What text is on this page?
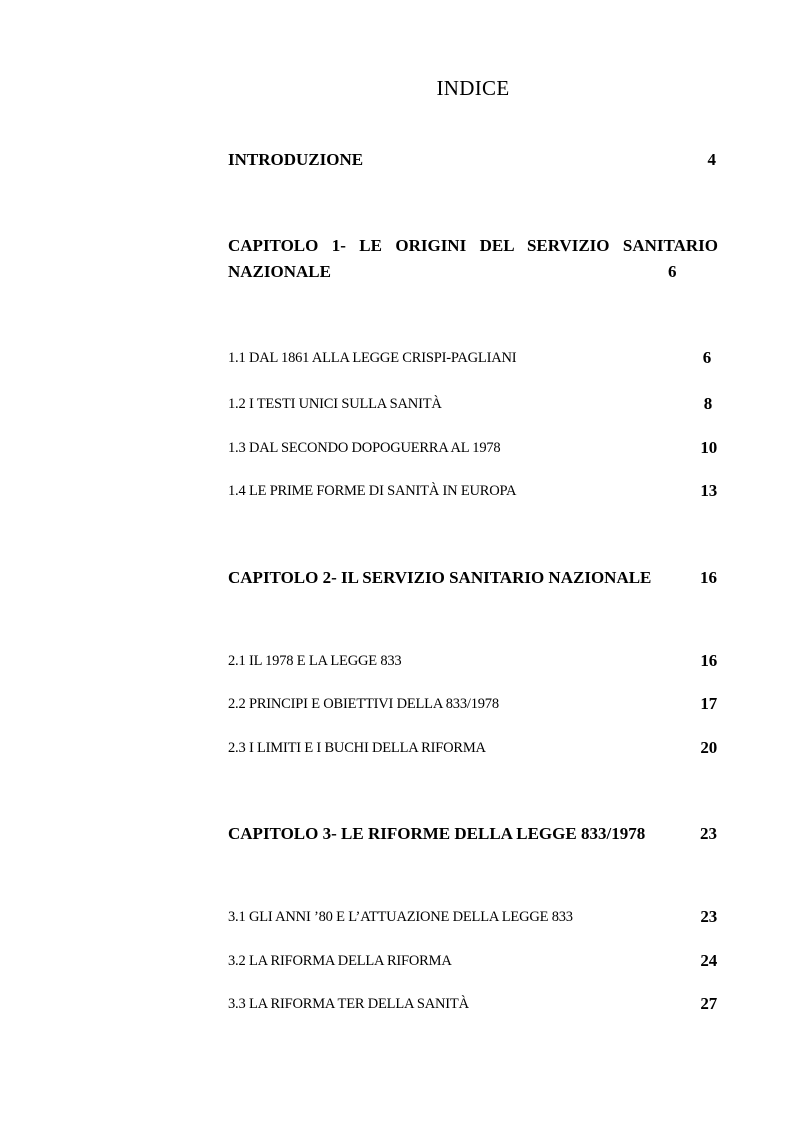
INDICE
INTRODUZIONE	4
CAPITOLO 1- LE ORIGINI DEL SERVIZIO SANITARIO
NAZIONALE	6
1.1 DAL 1861 ALLA LEGGE CRISPI-PAGLIANI	6
1.2 I TESTI UNICI SULLA SANITÀ	8
1.3 DAL SECONDO DOPOGUERRA AL 1978	10
1.4 LE PRIME FORME DI SANITÀ IN EUROPA	13
CAPITOLO 2- IL SERVIZIO SANITARIO NAZIONALE	16
2.1 IL 1978 E LA LEGGE 833	16
2.2 PRINCIPI E OBIETTIVI DELLA 833/1978	17
2.3 I LIMITI E I BUCHI DELLA RIFORMA	20
CAPITOLO 3- LE RIFORME DELLA LEGGE 833/1978	23
3.1 GLI ANNI ’80 E L’ATTUAZIONE DELLA LEGGE 833	23
3.2 LA RIFORMA DELLA RIFORMA	24
3.3 LA RIFORMA TER DELLA SANITÀ	27
